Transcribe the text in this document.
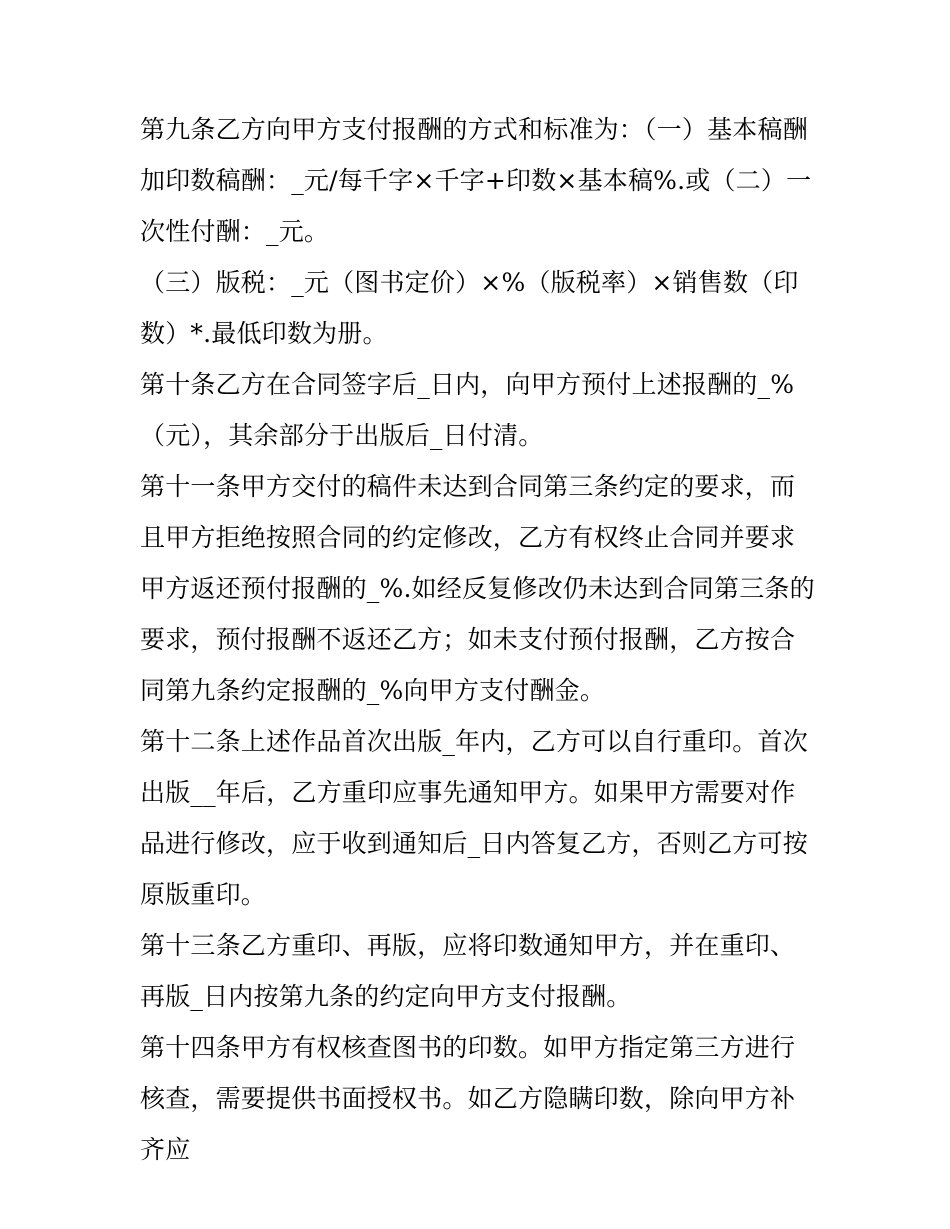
第九条乙方向甲方支付报酬的方式和标准为：（一）基本稿酬加印数稿酬：_元/每千字×千字+印数×基本稿%.或（二）一次性付酬：_元。

（三）版税：_元（图书定价）×%（版税率）×销售数（印数）*.最低印数为册。

第十条乙方在合同签字后_日内，向甲方预付上述报酬的_%（元），其余部分于出版后_日付清。

第十一条甲方交付的稿件未达到合同第三条约定的要求，而且甲方拒绝按照合同的约定修改，乙方有权终止合同并要求甲方返还预付报酬的_%.如经反复修改仍未达到合同第三条的要求，预付报酬不返还乙方；如未支付预付报酬，乙方按合同第九条约定报酬的_%向甲方支付酬金。

第十二条上述作品首次出版_年内，乙方可以自行重印。首次出版__年后，乙方重印应事先通知甲方。如果甲方需要对作品进行修改，应于收到通知后_日内答复乙方，否则乙方可按原版重印。

第十三条乙方重印、再版，应将印数通知甲方，并在重印、再版_日内按第九条的约定向甲方支付报酬。

第十四条甲方有权核查图书的印数。如甲方指定第三方进行核查，需要提供书面授权书。如乙方隐瞒印数，除向甲方补齐应
